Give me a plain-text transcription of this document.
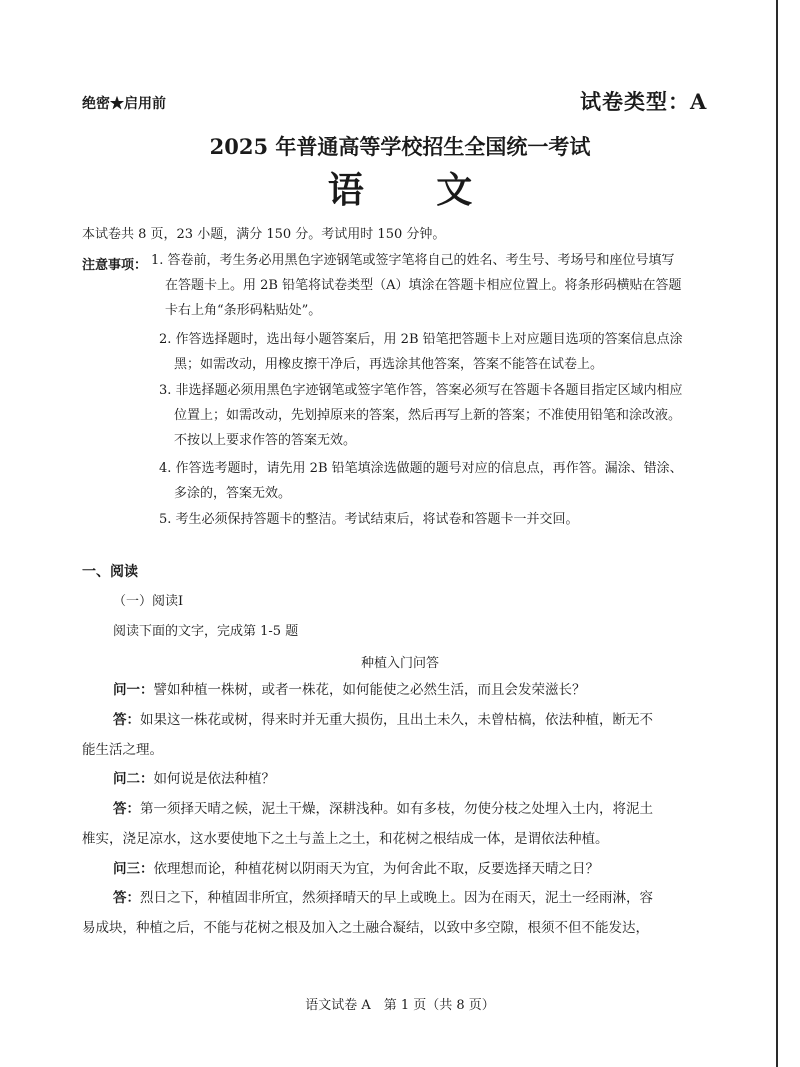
绝密★启用前	试卷类型：A
2025 年普通高等学校招生全国统一考试
语 文
本试卷共 8 页，23 小题，满分 150 分。考试用时 150 分钟。
注意事项： 1. 答卷前，考生务必用黑色字迹钢笔或签字笔将自己的姓名、考生号、考场号和座位号填写
在答题卡上。用 2B 铅笔将试卷类型（A）填涂在答题卡相应位置上。将条形码横贴在答题
卡右上角“条形码粘贴处”。
2. 作答选择题时，选出每小题答案后，用 2B 铅笔把答题卡上对应题目选项的答案信息点涂
黑；如需改动，用橡皮擦干净后，再选涂其他答案，答案不能答在试卷上。
3. 非选择题必须用黑色字迹钢笔或签字笔作答，答案必须写在答题卡各题目指定区域内相应
位置上；如需改动，先划掉原来的答案，然后再写上新的答案；不准使用铅笔和涂改液。
不按以上要求作答的答案无效。
4. 作答选考题时，请先用 2B 铅笔填涂选做题的题号对应的信息点，再作答。漏涂、错涂、
多涂的，答案无效。
5. 考生必须保持答题卡的整洁。考试结束后，将试卷和答题卡一并交回。
一、阅读
（一）阅读I
阅读下面的文字，完成第 1-5 题
种植入门问答
问一：譬如种植一株树，或者一株花，如何能使之必然生活，而且会发荣滋长？
答：如果这一株花或树，得来时并无重大损伤，且出土未久，未曾枯槁，依法种植，断无不
能生活之理。
问二：如何说是依法种植？
答：第一须择天晴之候，泥土干燥，深耕浅种。如有多枝，勿使分枝之处埋入土内，将泥土
椎实，浇足凉水，这水要使地下之土与盖上之土，和花树之根结成一体，是谓依法种植。
问三：依理想而论，种植花树以阴雨天为宜，为何舍此不取，反要选择天晴之日？
答：烈日之下，种植固非所宜，然须择晴天的早上或晚上。因为在雨天，泥土一经雨淋，容
易成块，种植之后，不能与花树之根及加入之土融合凝结，以致中多空隙，根须不但不能发达，
语文试卷 A　第 1 页（共 8 页）
